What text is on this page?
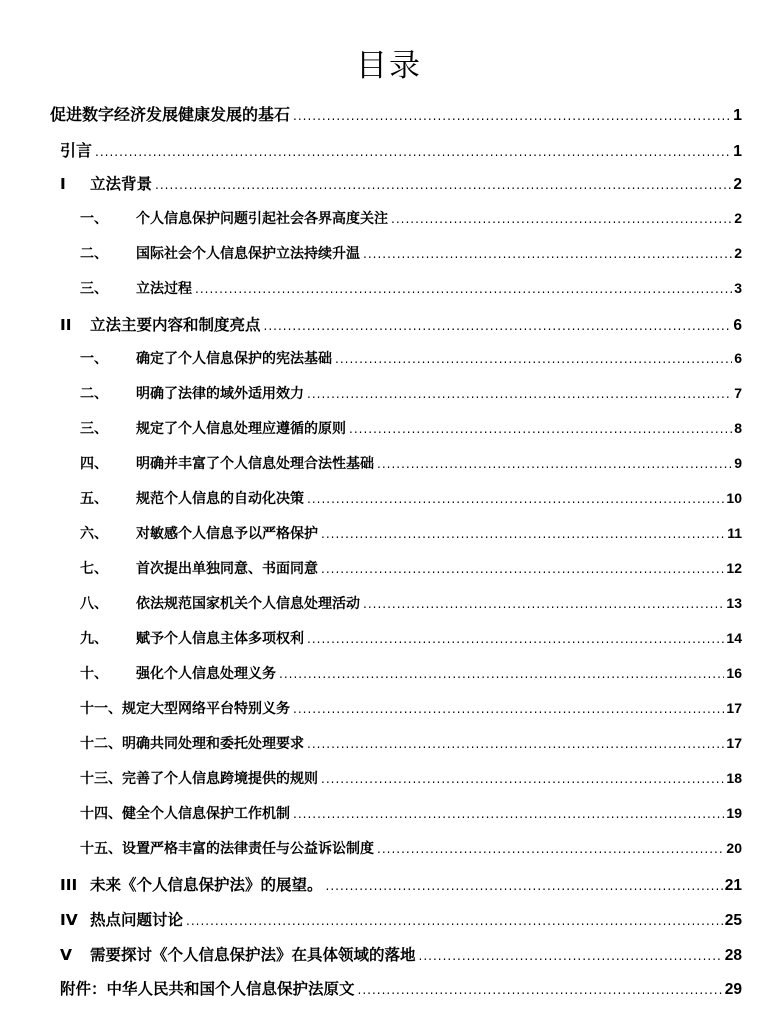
目录
促进数字经济发展健康发展的基石 .....	1
引言 .....	1
I	立法背景 .....	2
一、	个人信息保护问题引起社会各界高度关注 .....	2
二、	国际社会个人信息保护立法持续升温 .....	2
三、	立法过程 .....	3
II	立法主要内容和制度亮点 .....	6
一、	确定了个人信息保护的宪法基础 .....	6
二、	明确了法律的域外适用效力 .....	7
三、	规定了个人信息处理应遵循的原则 .....	8
四、	明确并丰富了个人信息处理合法性基础 .....	9
五、	规范个人信息的自动化决策 .....	10
六、	对敏感个人信息予以严格保护 .....	11
七、	首次提出单独同意、书面同意 .....	12
八、	依法规范国家机关个人信息处理活动 .....	13
九、	赋予个人信息主体多项权利 .....	14
十、	强化个人信息处理义务 .....	16
十一、 规定大型网络平台特别义务 .....	17
十二、 明确共同处理和委托处理要求 .....	17
十三、 完善了个人信息跨境提供的规则 .....	18
十四、 健全个人信息保护工作机制 .....	19
十五、 设置严格丰富的法律责任与公益诉讼制度 .....	20
III 未来《个人信息保护法》的展望。 .....	21
IV 热点问题讨论 .....	25
V	需要探讨《个人信息保护法》在具体领域的落地 .....	28
附件：中华人民共和国个人信息保护法原文 .....	29
